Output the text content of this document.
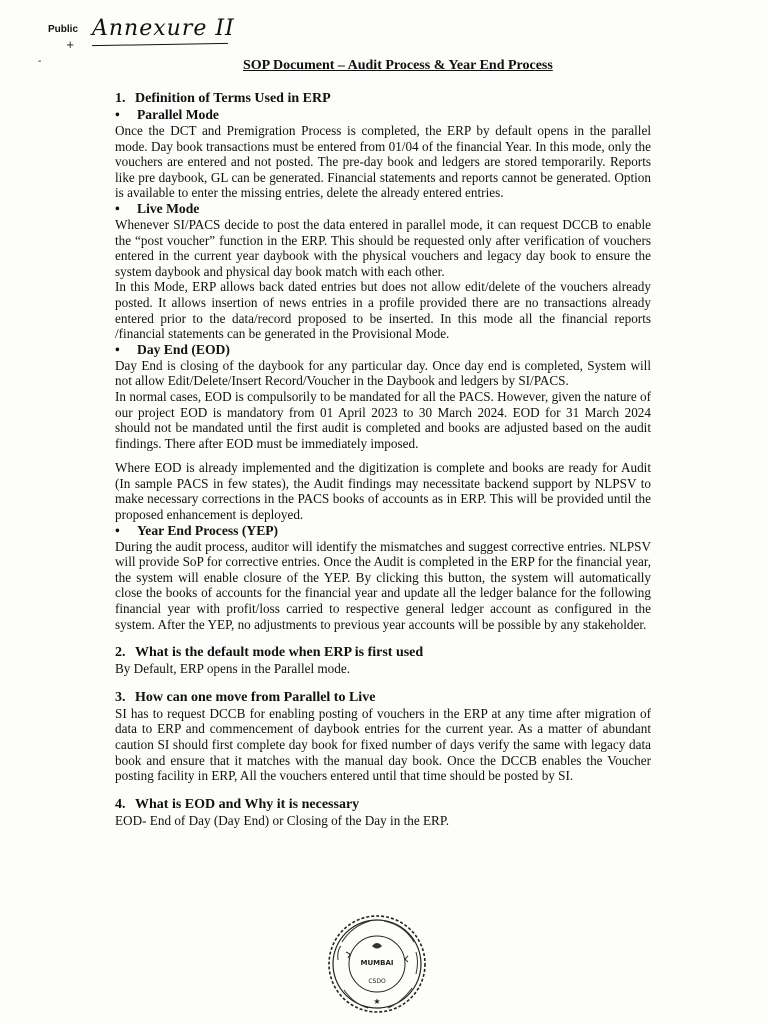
Public Annexure II
+
-	SOP Document – Audit Process & Year End Process
1. Definition of Terms Used in ERP
• Parallel Mode

Once the DCT and Premigration Process is completed, the ERP by default opens in the parallel mode. Day book transactions must be entered from 01/04 of the financial Year. In this mode, only the vouchers are entered and not posted. The pre-day book and ledgers are stored temporarily. Reports like pre daybook, GL can be generated. Financial statements and reports cannot be generated. Option is available to enter the missing entries, delete the already entered entries.

• Live Mode

Whenever SI/PACS decide to post the data entered in parallel mode, it can request DCCB to enable the “post voucher” function in the ERP. This should be requested only after verification of vouchers entered in the current year daybook with the physical vouchers and legacy day book to ensure the system daybook and physical day book match with each other.

In this Mode, ERP allows back dated entries but does not allow edit/delete of the vouchers already posted. It allows insertion of news entries in a profile provided there are no transactions already entered prior to the data/record proposed to be inserted. In this mode all the financial reports /financial statements can be generated in the Provisional Mode.

• Day End (EOD)

Day End is closing of the daybook for any particular day. Once day end is completed, System will not allow Edit/Delete/Insert Record/Voucher in the Daybook and ledgers by SI/PACS.

In normal cases, EOD is compulsorily to be mandated for all the PACS. However, given the nature of our project EOD is mandatory from 01 April 2023 to 30 March 2024. EOD for 31 March 2024 should not be mandated until the first audit is completed and books are adjusted based on the audit findings. There after EOD must be immediately imposed.

Where EOD is already implemented and the digitization is complete and books are ready for Audit (In sample PACS in few states), the Audit findings may necessitate backend support by NLPSV to make necessary corrections in the PACS books of accounts as in ERP. This will be provided until the proposed enhancement is deployed.

• Year End Process (YEP)

During the audit process, auditor will identify the mismatches and suggest corrective entries. NLPSV will provide SoP for corrective entries. Once the Audit is completed in the ERP for the financial year, the system will enable closure of the YEP. By clicking this button, the system will automatically close the books of accounts for the financial year and update all the ledger balance for the following financial year with profit/loss carried to respective general ledger account as configured in the system. After the YEP, no adjustments to previous year accounts will be possible by any stakeholder.

2. What is the default mode when ERP is first used

By Default, ERP opens in the Parallel mode.

3. How can one move from Parallel to Live

SI has to request DCCB for enabling posting of vouchers in the ERP at any time after migration of data to ERP and commencement of daybook entries for the current year. As a matter of abundant caution SI should first complete day book for fixed number of days verify the same with legacy data book and ensure that it matches with the manual day book. Once the DCCB enables the Voucher posting facility in ERP, All the vouchers entered until that time should be posted by SI.

4. What is EOD and Why it is necessary

EOD- End of Day (Day End) or Closing of the Day in the ERP.

MUMBAI
CSDO
★
